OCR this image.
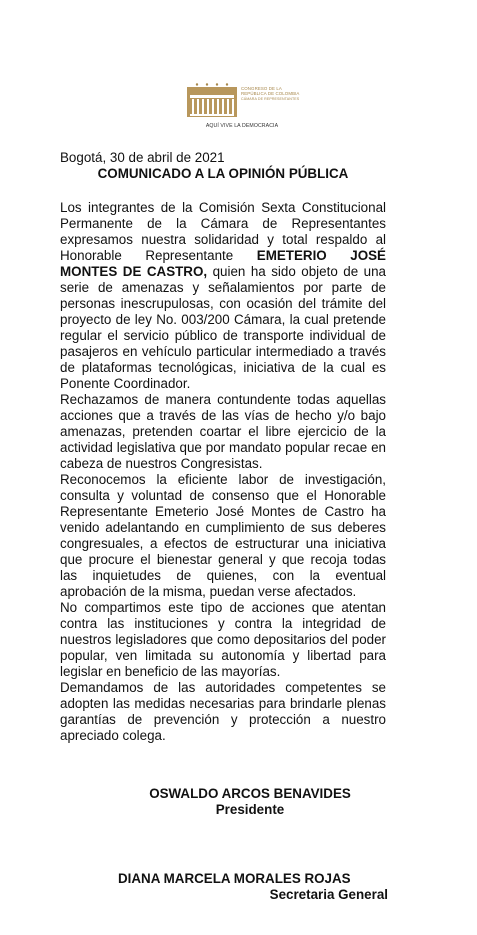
CONGRESO DE LA REPÚBLICA DE COLOMBIA
CÁMARA DE REPRESENTANTES
AQUÍ VIVE LA DEMOCRACIA

Bogotá, 30 de abril de 2021

COMUNICADO A LA OPINIÓN PÚBLICA

Los integrantes de la Comisión Sexta Constitucional Permanente de la Cámara de Representantes expresamos nuestra solidaridad y total respaldo al Honorable Representante EMETERIO JOSÉ MONTES DE CASTRO, quien ha sido objeto de una serie de amenazas y señalamientos por parte de personas inescrupulosas, con ocasión del trámite del proyecto de ley No. 003/200 Cámara, la cual pretende regular el servicio público de transporte individual de pasajeros en vehículo particular intermediado a través de plataformas tecnológicas, iniciativa de la cual es Ponente Coordinador.

Rechazamos de manera contundente todas aquellas acciones que a través de las vías de hecho y/o bajo amenazas, pretenden coartar el libre ejercicio de la actividad legislativa que por mandato popular recae en cabeza de nuestros Congresistas.

Reconocemos la eficiente labor de investigación, consulta y voluntad de consenso que el Honorable Representante Emeterio José Montes de Castro ha venido adelantando en cumplimiento de sus deberes congresuales, a efectos de estructurar una iniciativa que procure el bienestar general y que recoja todas las inquietudes de quienes, con la eventual aprobación de la misma, puedan verse afectados.

No compartimos este tipo de acciones que atentan contra las instituciones y contra la integridad de nuestros legisladores que como depositarios del poder popular, ven limitada su autonomía y libertad para legislar en beneficio de las mayorías.

Demandamos de las autoridades competentes se adopten las medidas necesarias para brindarle plenas garantías de prevención y protección a nuestro apreciado colega.

OSWALDO ARCOS BENAVIDES
Presidente
DIANA MARCELA MORALES ROJAS
Secretaria General
